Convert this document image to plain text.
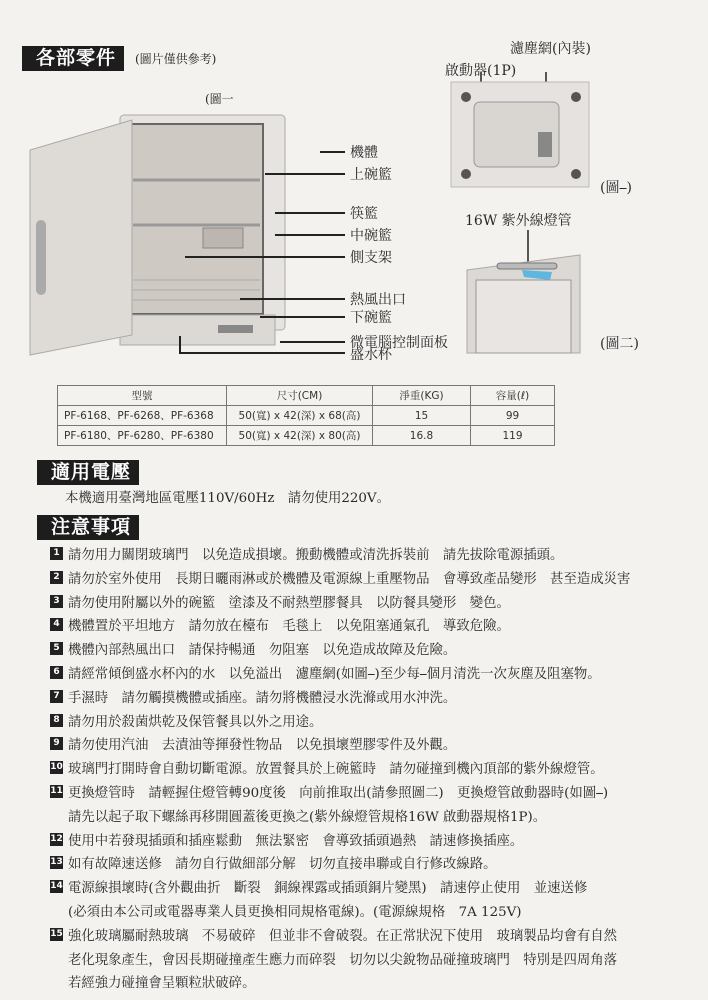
各部零件	(圖片僅供參考)
(圖一
機體
上碗籃
筷籃
中碗籃
側支架
熱風出口
下碗籃
微電腦控制面板
盛水杯
濾塵網(內裝)
啟動器(1P)
(圖⎯)
16W 紫外線燈管
(圖二)
型號	尺寸(CM)	淨重(KG)	容量(ℓ)
PF-6168、PF-6268、PF-6368	50(寬) x 42(深) x 68(高)	15	99
PF-6180、PF-6280、PF-6380	50(寬) x 42(深) x 80(高)	16.8	119
適用電壓
本機適用臺灣地區電壓110V/60Hz　請勿使用220V。
注意事項
1 請勿用力關閉玻璃門　以免造成損壞。搬動機體或清洗拆裝前　請先拔除電源插頭。
2 請勿於室外使用　長期日曬雨淋或於機體及電源線上重壓物品　會導致產品變形　甚至造成災害
3 請勿使用附屬以外的碗籃　塗漆及不耐熱塑膠餐具　以防餐具變形　變色。
4 機體置於平坦地方　請勿放在檯布　毛毯上　以免阻塞通氣孔　導致危險。
5 機體內部熱風出口　請保持暢通　勿阻塞　以免造成故障及危險。
6 請經常傾倒盛水杯內的水　以免溢出　濾塵網(如圖⎯)至少每⎯個月清洗一次灰塵及阻塞物。
7 手濕時　請勿觸摸機體或插座。請勿將機體浸水洗滌或用水沖洗。
8 請勿用於殺菌烘乾及保管餐具以外之用途。
9 請勿使用汽油　去漬油等揮發性物品　以免損壞塑膠零件及外觀。
10 玻璃門打開時會自動切斷電源。放置餐具於上碗籃時　請勿碰撞到機內頂部的紫外線燈管。
11 更換燈管時　請輕握住燈管轉90度後　向前推取出(請參照圖二)　更換燈管啟動器時(如圖⎯)
請先以起子取下螺絲再移開圓蓋後更換之(紫外線燈管規格16W 啟動器規格1P)。
12 使用中若發現插頭和插座鬆動　無法緊密　會導致插頭過熱　請速修換插座。
13 如有故障速送修　請勿自行做細部分解　切勿直接串聯或自行修改線路。
14 電源線損壞時(含外觀曲折　斷裂　銅線裸露或插頭銅片變黑)　請速停止使用　並速送修
(必須由本公司或電器專業人員更換相同規格電線)。(電源線規格　7A 125V)
15 強化玻璃屬耐熱玻璃　不易破碎　但並非不會破裂。在正常狀況下使用　玻璃製品均會有自然
老化現象產生，會因長期碰撞產生應力而碎裂　切勿以尖銳物品碰撞玻璃門　特別是四周角落
若經強力碰撞會呈顆粒狀破碎。
